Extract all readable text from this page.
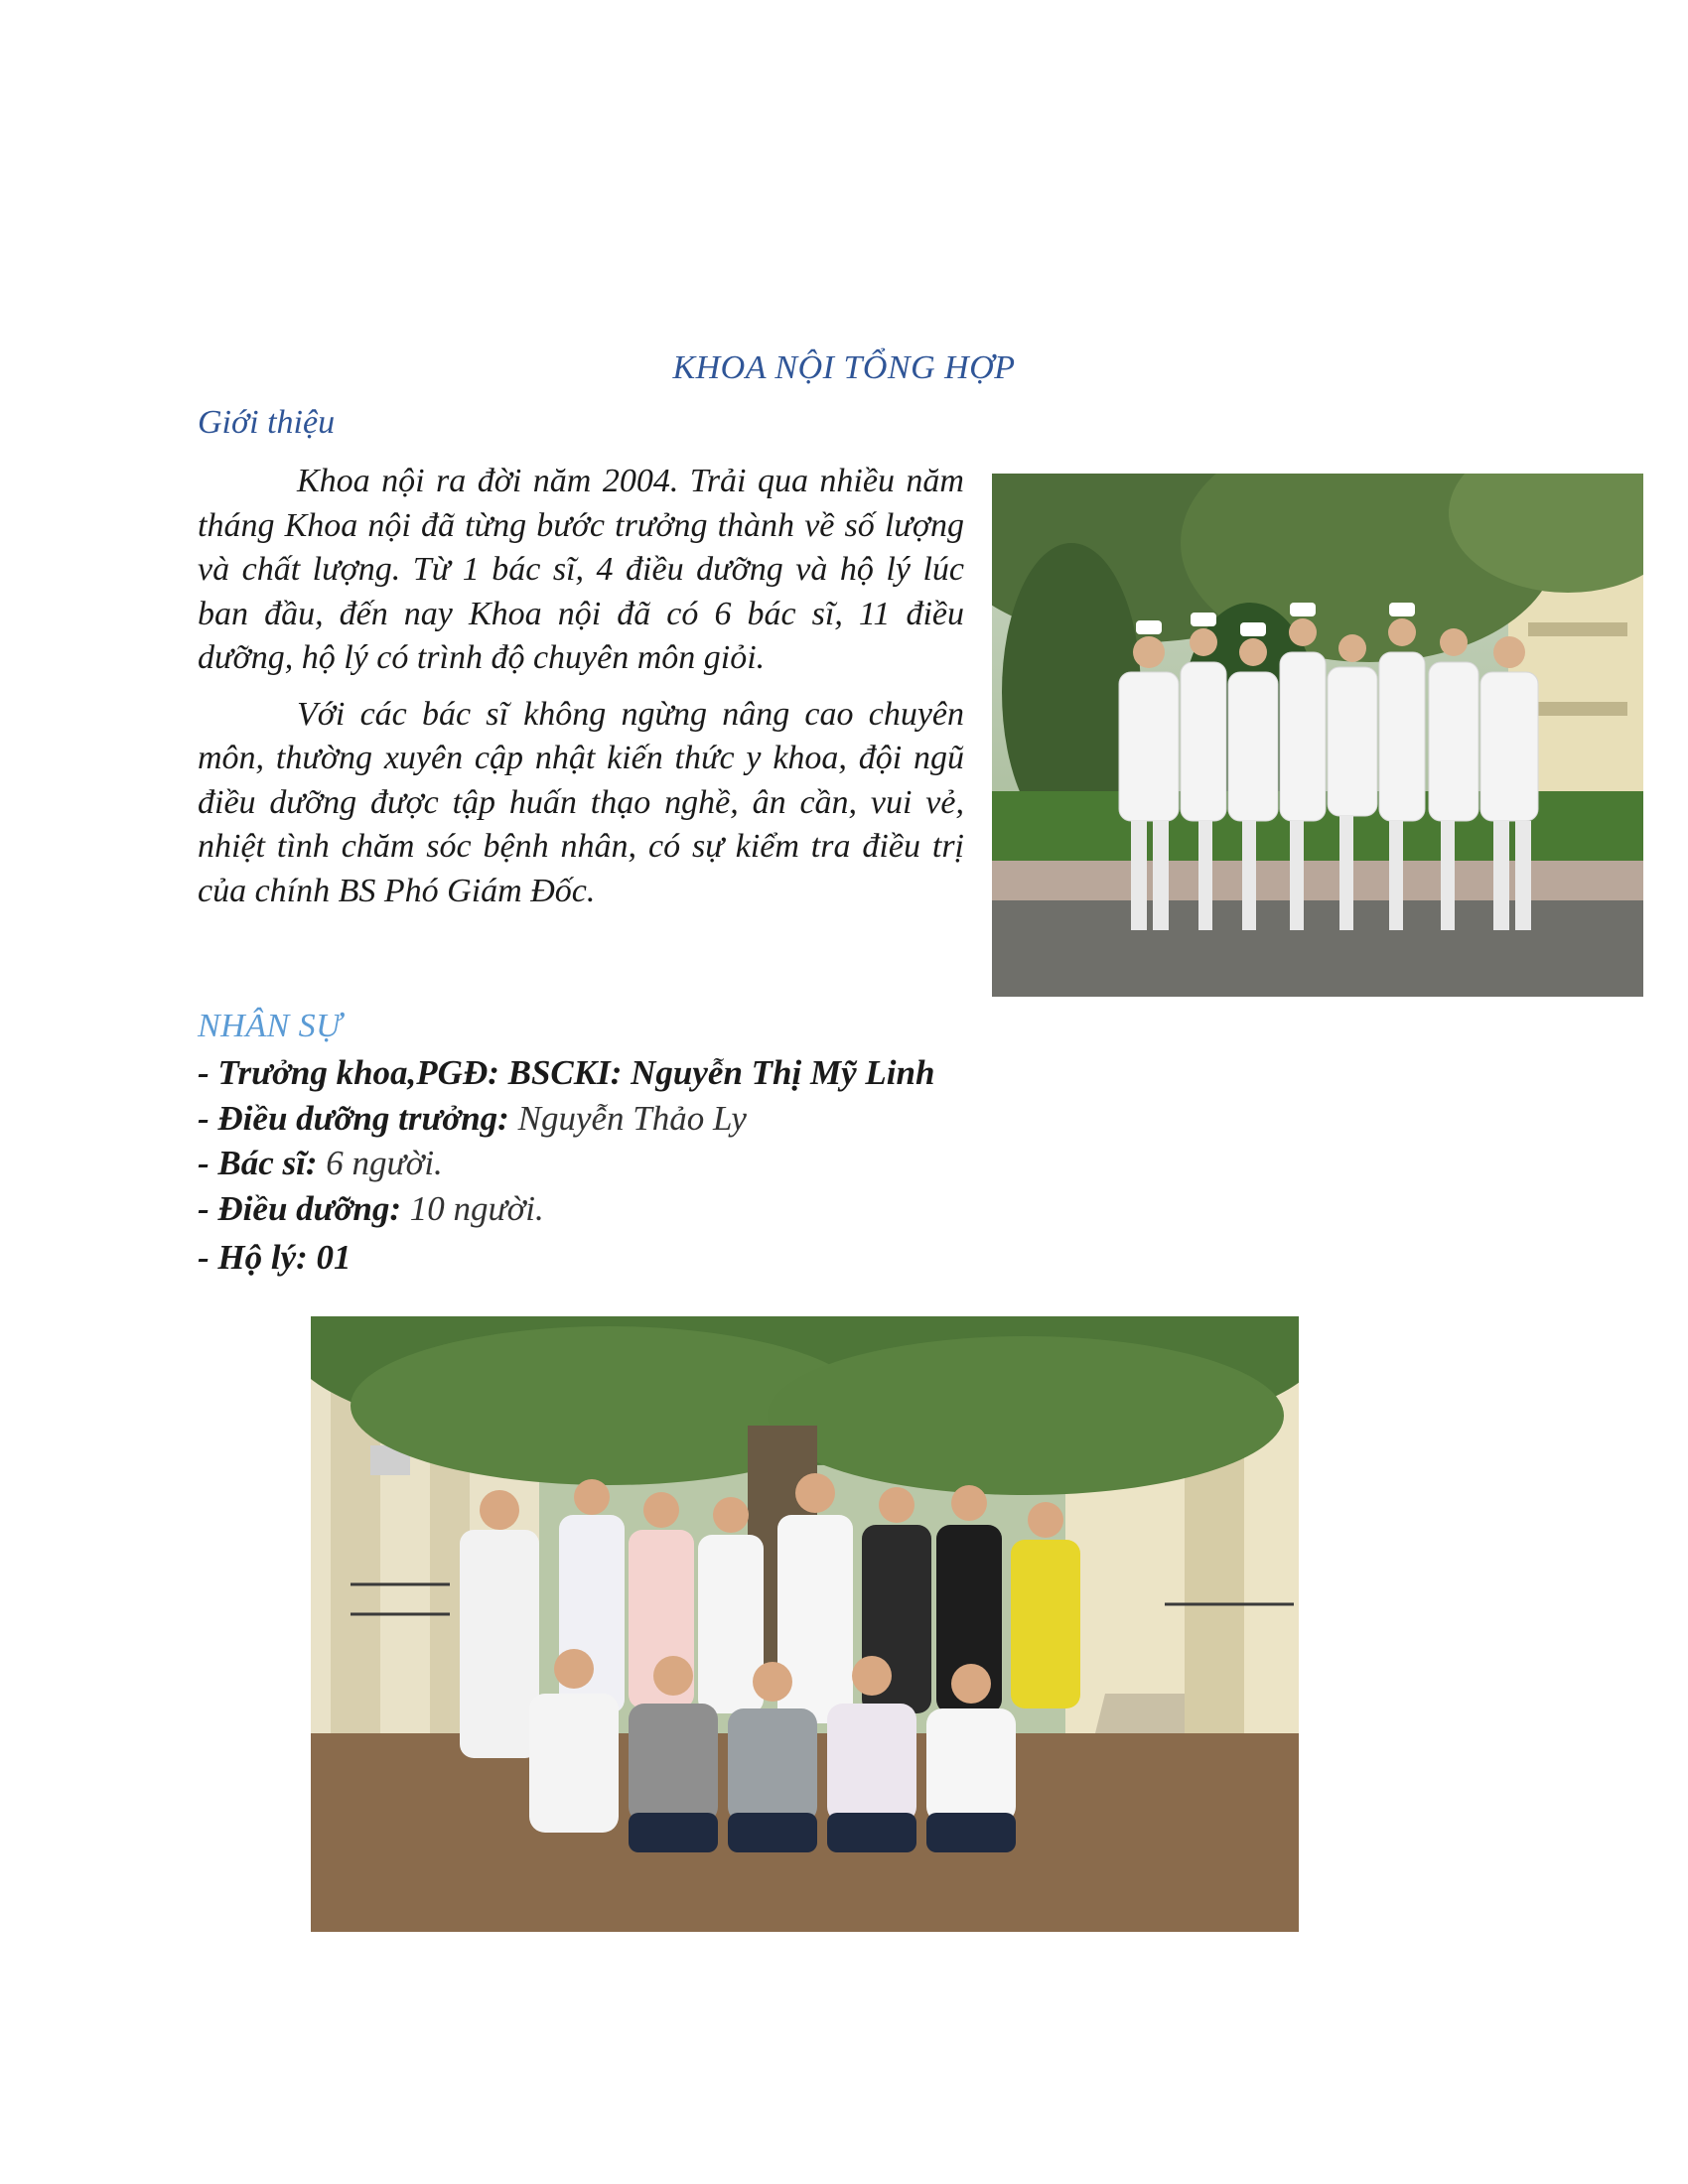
KHOA NỘI TỔNG HỢP
Giới thiệu

Khoa nội ra đời năm 2004. Trải qua nhiều năm tháng Khoa nội đã từng bước trưởng thành về số lượng và chất lượng. Từ 1 bác sĩ, 4 điều dưỡng và hộ lý lúc ban đầu, đến nay Khoa nội đã có 6 bác sĩ, 11 điều dưỡng, hộ lý có trình độ chuyên môn giỏi.

Với các bác sĩ không ngừng nâng cao chuyên môn, thường xuyên cập nhật kiến thức y khoa, đội ngũ điều dưỡng được tập huấn thạo nghề, ân cần, vui vẻ, nhiệt tình chăm sóc bệnh nhân, có sự kiểm tra điều trị của chính BS Phó Giám Đốc.

NHÂN SỰ
- Trưởng khoa,PGĐ: BSCKI: Nguyễn Thị Mỹ Linh
- Điều dưỡng trưởng: Nguyễn Thảo Ly
- Bác sĩ: 6 người.
- Điều dưỡng: 10 người.
- Hộ lý: 01
